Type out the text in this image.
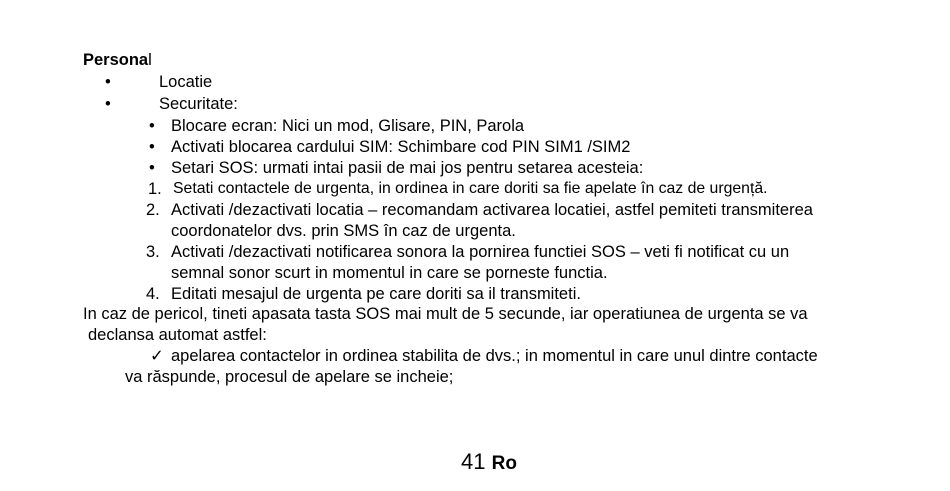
Personal
•	Locatie
•	Securitate:
• Blocare ecran: Nici un mod, Glisare, PIN, Parola
• Activati blocarea cardului SIM: Schimbare cod PIN SIM1 /SIM2
• Setari SOS: urmati intai pasii de mai jos pentru setarea acesteia:
1. Setati contactele de urgenta, in ordinea in care doriti sa fie apelate în caz de urgență.
2. Activati /dezactivati locatia – recomandam activarea locatiei, astfel pemiteti transmiterea
coordonatelor dvs. prin SMS în caz de urgenta.
3. Activati /dezactivati notificarea sonora la pornirea functiei SOS – veti fi notificat cu un
semnal sonor scurt in momentul in care se porneste functia.
4. Editati mesajul de urgenta pe care doriti sa il transmiteti.
In caz de pericol, tineti apasata tasta SOS mai mult de 5 secunde, iar operatiunea de urgenta se va
declansa automat astfel:
✓ apelarea contactelor in ordinea stabilita de dvs.; in momentul in care unul dintre contacte
va răspunde, procesul de apelare se incheie;
41 Ro
